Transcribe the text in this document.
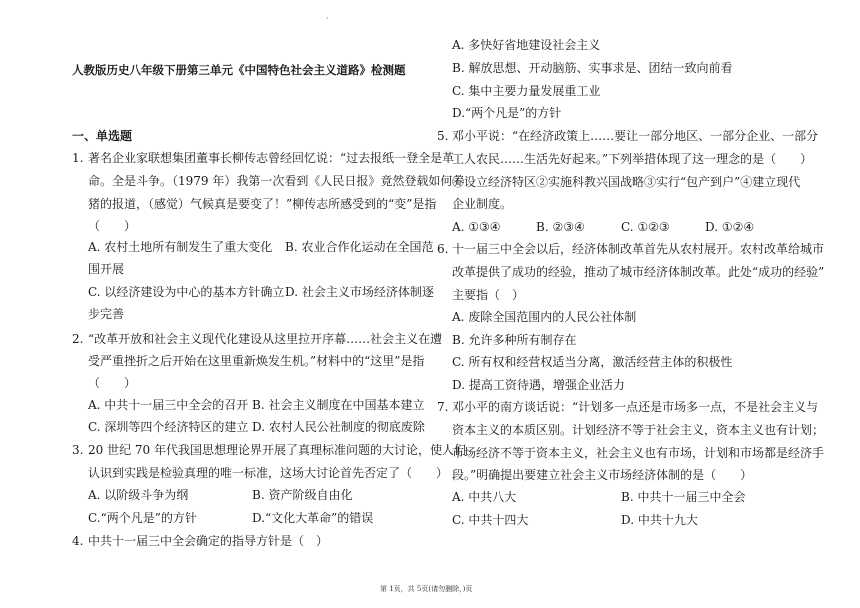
·
人教版历史八年级下册第三单元《中国特色社会主义道路》检测题
一、单选题
1. 著名企业家联想集团董事长柳传志曾经回忆说：“过去报纸一登全是革
命。全是斗争。（1979 年）我第一次看到《人民日报》竟然登载如何养
猪的报道，（感觉）气候真是要变了！”柳传志所感受到的“变”是指
（　　）
A. 农村土地所有制发生了重大变化 B. 农业合作化运动在全国范
围开展
C. 以经济建设为中心的基本方针确立 D. 社会主义市场经济体制逐
步完善
2. “改革开放和社会主义现代化建设从这里拉开序幕……社会主义在遭
受严重挫折之后开始在这里重新焕发生机。”材料中的“这里”是指
（　　）
A. 中共十一届三中全会的召开 B. 社会主义制度在中国基本建立
C. 深圳等四个经济特区的建立 D. 农村人民公社制度的彻底废除
3. 20 世纪 70 年代我国思想理论界开展了真理标准问题的大讨论，使人们
认识到实践是检验真理的唯一标准，这场大讨论首先否定了（　　）
A. 以阶级斗争为纲	B. 资产阶级自由化
C.“两个凡是”的方针	D.“文化大革命”的错误
4. 中共十一届三中全会确定的指导方针是（　）
A. 多快好省地建设社会主义
B. 解放思想、开动脑筋、实事求是、团结一致向前看
C. 集中主要力量发展重工业
D.“两个凡是”的方针
5. 邓小平说：“在经济政策上……要让一部分地区、一部分企业、一部分
工人农民……生活先好起来。”下列举措体现了这一理念的是（　　）
①设立经济特区②实施科教兴国战略③实行“包产到户”④建立现代
企业制度。
A. ①③④	B. ②③④	C. ①②③	D. ①②④
6. 十一届三中全会以后，经济体制改革首先从农村展开。农村改革给城市
改革提供了成功的经验，推动了城市经济体制改革。此处“成功的经验”
主要指（　）
A. 废除全国范围内的人民公社体制
B. 允许多种所有制存在
C. 所有权和经营权适当分离，激活经营主体的积极性
D. 提高工资待遇，增强企业活力
7. 邓小平的南方谈话说：“计划多一点还是市场多一点，不是社会主义与
资本主义的本质区别。计划经济不等于社会主义，资本主义也有计划；
市场经济不等于资本主义，社会主义也有市场，计划和市场都是经济手
段。”明确提出要建立社会主义市场经济体制的是（　　）
A. 中共八大	B. 中共十一届三中全会
C. 中共十四大	D. 中共十九大
第 1页，共 5页(请勿删除，)页
